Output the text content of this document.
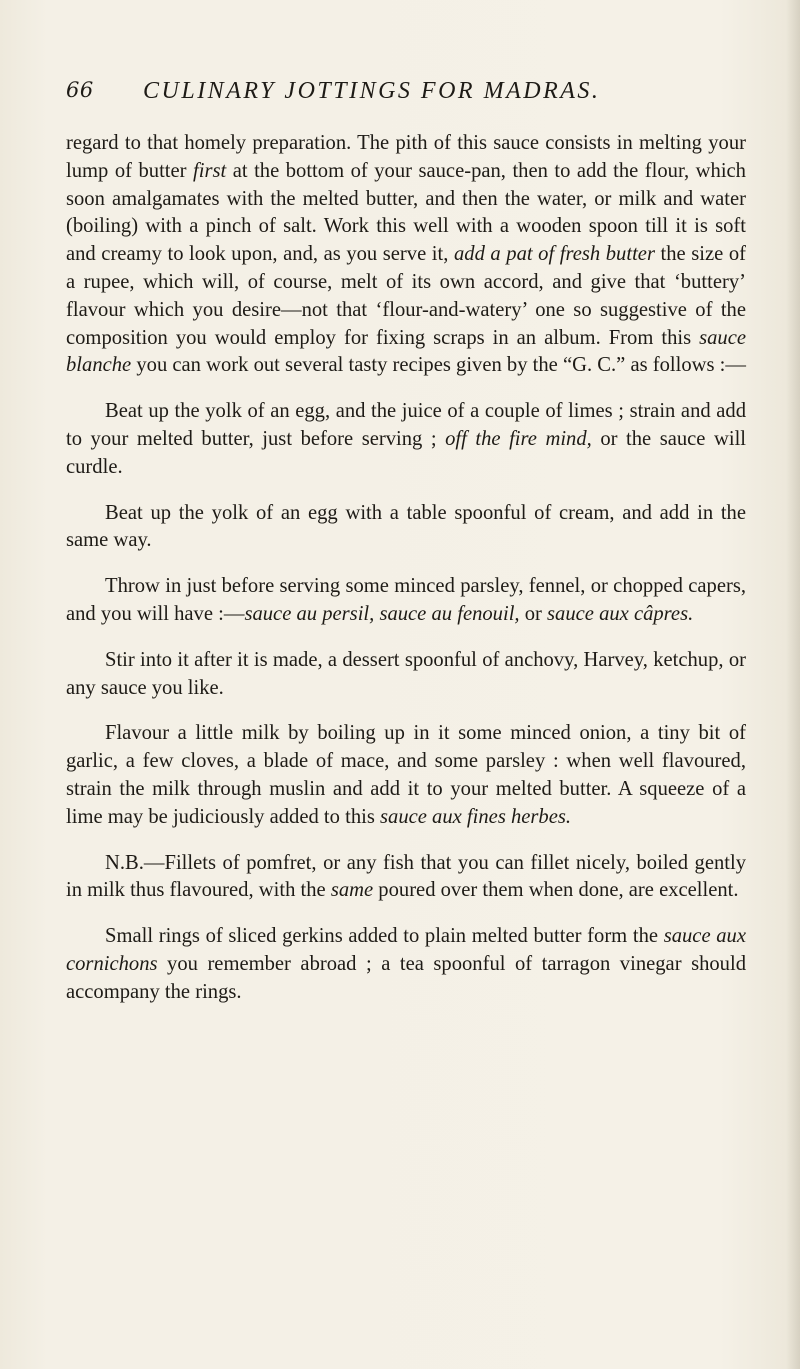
66 CULINARY JOTTINGS FOR MADRAS.

regard to that homely preparation. The pith of this sauce consists in melting your lump of butter first at the bottom of your sauce-pan, then to add the flour, which soon amalgamates with the melted butter, and then the water, or milk and water (boiling) with a pinch of salt. Work this well with a wooden spoon till it is soft and creamy to look upon, and, as you serve it, add a pat of fresh butter the size of a rupee, which will, of course, melt of its own accord, and give that ‘buttery’ flavour which you desire—not that ‘flour-and-watery’ one so suggestive of the composition you would employ for fixing scraps in an album. From this sauce blanche you can work out several tasty recipes given by the “G. C.” as follows :—

Beat up the yolk of an egg, and the juice of a couple of limes ; strain and add to your melted butter, just before serving ; off the fire mind, or the sauce will curdle.

Beat up the yolk of an egg with a table spoonful of cream, and add in the same way.

Throw in just before serving some minced parsley, fennel, or chopped capers, and you will have :—sauce au persil, sauce au fenouil, or sauce aux câpres.

Stir into it after it is made, a dessert spoonful of anchovy, Harvey, ketchup, or any sauce you like.

Flavour a little milk by boiling up in it some minced onion, a tiny bit of garlic, a few cloves, a blade of mace, and some parsley : when well flavoured, strain the milk through muslin and add it to your melted butter. A squeeze of a lime may be judiciously added to this sauce aux fines herbes.

N.B.—Fillets of pomfret, or any fish that you can fillet nicely, boiled gently in milk thus flavoured, with the same poured over them when done, are excellent.

Small rings of sliced gerkins added to plain melted butter form the sauce aux cornichons you remember abroad ; a tea spoonful of tarragon vinegar should accompany the rings.
